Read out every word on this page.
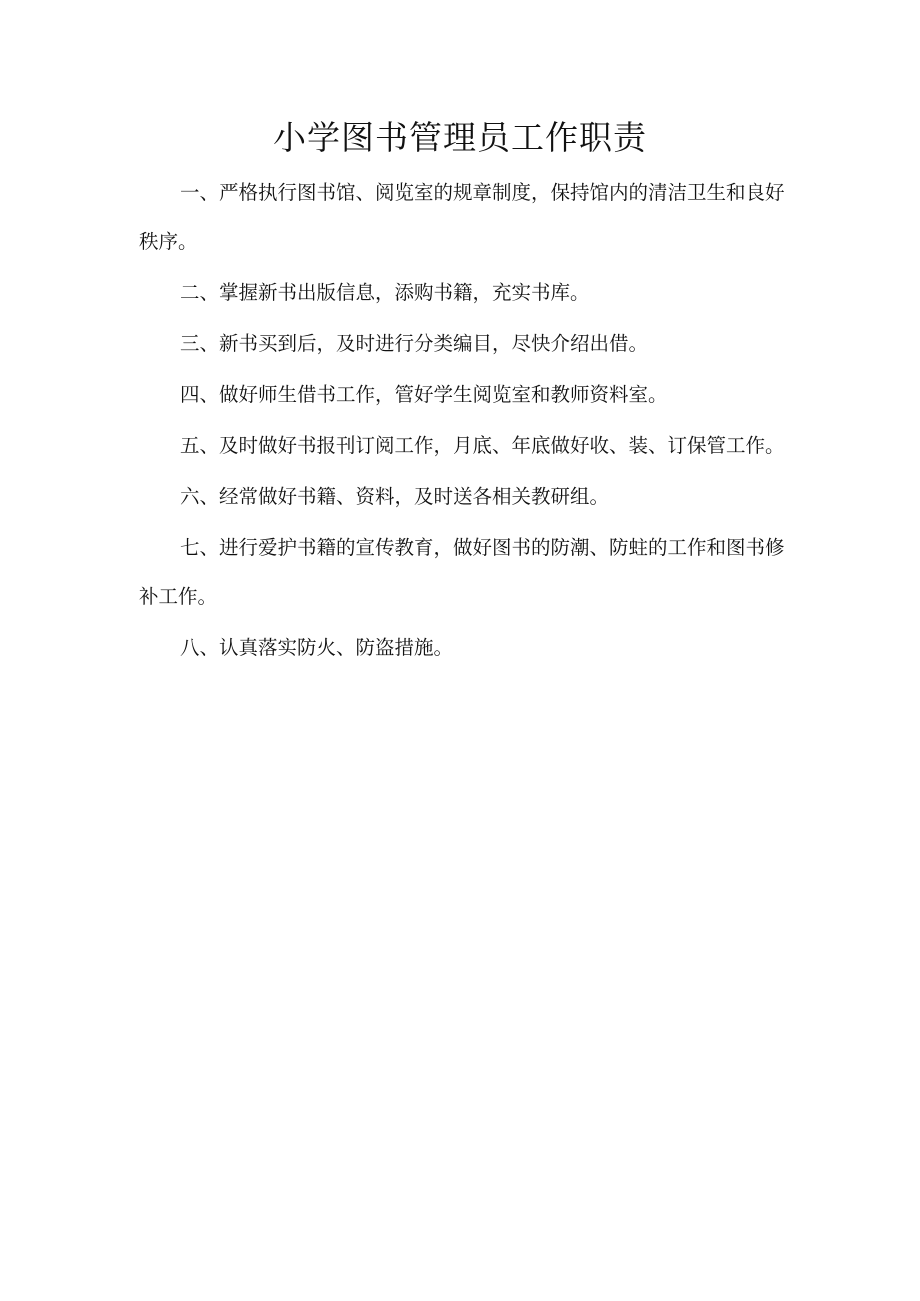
小学图书管理员工作职责

一、严格执行图书馆、阅览室的规章制度，保持馆内的清洁卫生和良好秩序。

二、掌握新书出版信息，添购书籍，充实书库。

三、新书买到后，及时进行分类编目，尽快介绍出借。

四、做好师生借书工作，管好学生阅览室和教师资料室。

五、及时做好书报刊订阅工作，月底、年底做好收、装、订保管工作。

六、经常做好书籍、资料，及时送各相关教研组。

七、进行爱护书籍的宣传教育，做好图书的防潮、防蛀的工作和图书修补工作。

八、认真落实防火、防盗措施。
